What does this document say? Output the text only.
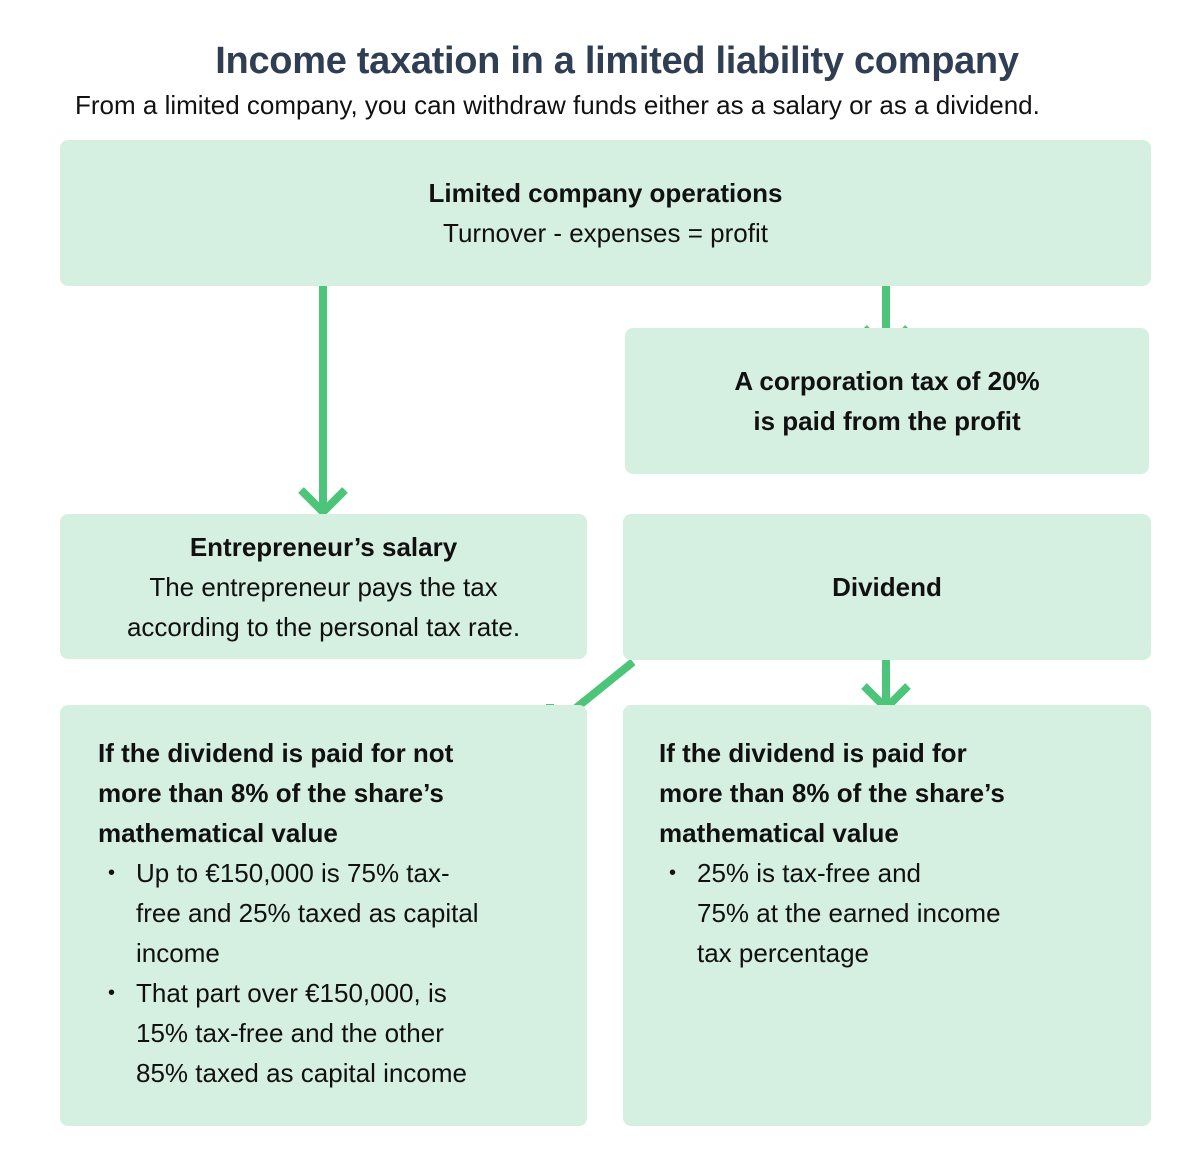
Income taxation in a limited liability company
From a limited company, you can withdraw funds either as a salary or as a dividend.
Limited company operations
Turnover - expenses = profit
A corporation tax of 20%
is paid from the profit
Entrepreneur’s salary
The entrepreneur pays the tax
according to the personal tax rate.
Dividend
If the dividend is paid for not
more than 8% of the share’s
mathematical value
• Up to €150,000 is 75% tax-
free and 25% taxed as capital
income
• That part over €150,000, is
15% tax-free and the other
85% taxed as capital income
If the dividend is paid for
more than 8% of the share’s
mathematical value
• 25% is tax-free and
75% at the earned income
tax percentage
